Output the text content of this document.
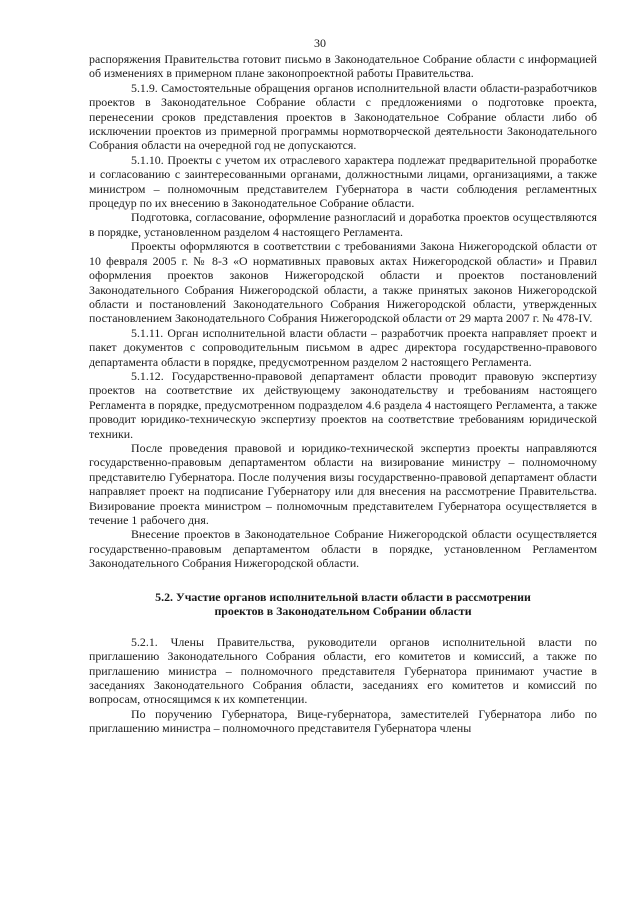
30

распоряжения Правительства готовит письмо в Законодательное Собрание области с информацией об изменениях в примерном плане законопроектной работы Правительства.

5.1.9. Самостоятельные обращения органов исполнительной власти области-разработчиков проектов в Законодательное Собрание области с предложениями о подготовке проекта, перенесении сроков представления проектов в Законодательное Собрание области либо об исключении проектов из примерной программы нормотворческой деятельности Законодательного Собрания области на очередной год не допускаются.

5.1.10. Проекты с учетом их отраслевого характера подлежат предварительной проработке и согласованию с заинтересованными органами, должностными лицами, организациями, а также министром – полномочным представителем Губернатора в части соблюдения регламентных процедур по их внесению в Законодательное Собрание области.

Подготовка, согласование, оформление разногласий и доработка проектов осуществляются в порядке, установленном разделом 4 настоящего Регламента.

Проекты оформляются в соответствии с требованиями Закона Нижегородской области от 10 февраля 2005 г. № 8-З «О нормативных правовых актах Нижегородской области» и Правил оформления проектов законов Нижегородской области и проектов постановлений Законодательного Собрания Нижегородской области, а также принятых законов Нижегородской области и постановлений Законодательного Собрания Нижегородской области, утвержденных постановлением Законодательного Собрания Нижегородской области от 29 марта 2007 г. № 478-IV.

5.1.11. Орган исполнительной власти области – разработчик проекта направляет проект и пакет документов с сопроводительным письмом в адрес директора государственно-правового департамента области в порядке, предусмотренном разделом 2 настоящего Регламента.

5.1.12. Государственно-правовой департамент области проводит правовую экспертизу проектов на соответствие их действующему законодательству и требованиям настоящего Регламента в порядке, предусмотренном подразделом 4.6 раздела 4 настоящего Регламента, а также проводит юридико-техническую экспертизу проектов на соответствие требованиям юридической техники.

После проведения правовой и юридико-технической экспертиз проекты направляются государственно-правовым департаментом области на визирование министру – полномочному представителю Губернатора. После получения визы государственно-правовой департамент области направляет проект на подписание Губернатору или для внесения на рассмотрение Правительства. Визирование проекта министром – полномочным представителем Губернатора осуществляется в течение 1 рабочего дня.

Внесение проектов в Законодательное Собрание Нижегородской области осуществляется государственно-правовым департаментом области в порядке, установленном Регламентом Законодательного Собрания Нижегородской области.

5.2. Участие органов исполнительной власти области в рассмотрении
проектов в Законодательном Собрании области

5.2.1. Члены Правительства, руководители органов исполнительной власти по приглашению Законодательного Собрания области, его комитетов и комиссий, а также по приглашению министра – полномочного представителя Губернатора принимают участие в заседаниях Законодательного Собрания области, заседаниях его комитетов и комиссий по вопросам, относящимся к их компетенции.

По поручению Губернатора, Вице-губернатора, заместителей Губернатора либо по приглашению министра – полномочного представителя Губернатора члены
